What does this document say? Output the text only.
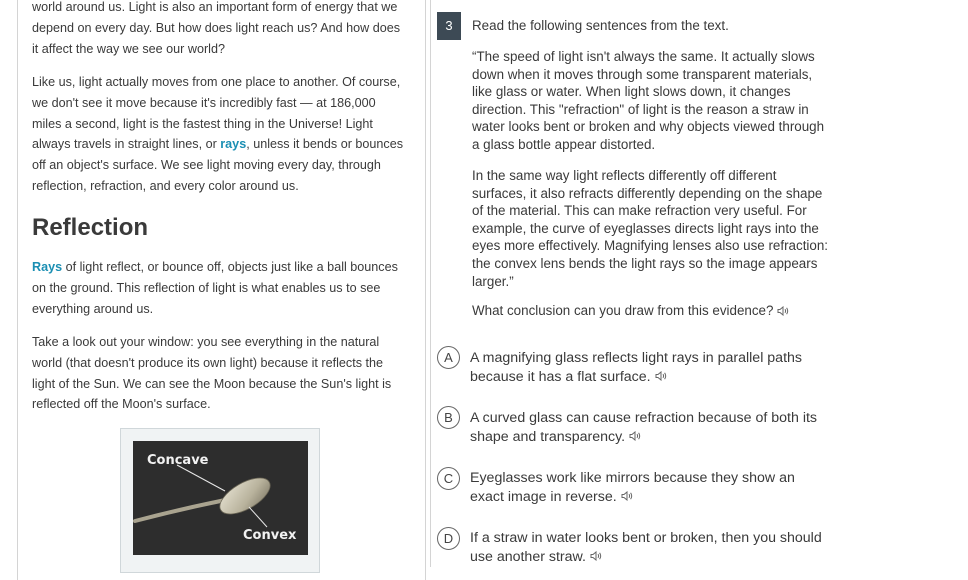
world around us. Light is also an important form of energy that we depend on every day. But how does light reach us? And how does it affect the way we see our world?

Like us, light actually moves from one place to another. Of course, we don't see it move because it's incredibly fast — at 186,000 miles a second, light is the fastest thing in the Universe! Light always travels in straight lines, or rays, unless it bends or bounces off an object's surface. We see light moving every day, through reflection, refraction, and every color around us.

Reflection

Rays of light reflect, or bounce off, objects just like a ball bounces on the ground. This reflection of light is what enables us to see everything around us.

Take a look out your window: you see everything in the natural world (that doesn't produce its own light) because it reflects the light of the Sun. We can see the Moon because the Sun's light is reflected off the Moon's surface.

Concave
Convex
3	Read the following sentences from the text.

“The speed of light isn't always the same. It actually slows down when it moves through some transparent materials, like glass or water. When light slows down, it changes direction. This "refraction" of light is the reason a straw in water looks bent or broken and why objects viewed through a glass bottle appear distorted.

In the same way light reflects differently off different surfaces, it also refracts differently depending on the shape of the material. This can make refraction very useful. For example, the curve of eyeglasses directs light rays into the eyes more effectively. Magnifying lenses also use refraction: the convex lens bends the light rays so the image appears larger.”

What conclusion can you draw from this evidence?

A	A magnifying glass reflects light rays in parallel paths because it has a flat surface.
B	A curved glass can cause refraction because of both its shape and transparency.
C	Eyeglasses work like mirrors because they show an exact image in reverse.
D	If a straw in water looks bent or broken, then you should use another straw.
